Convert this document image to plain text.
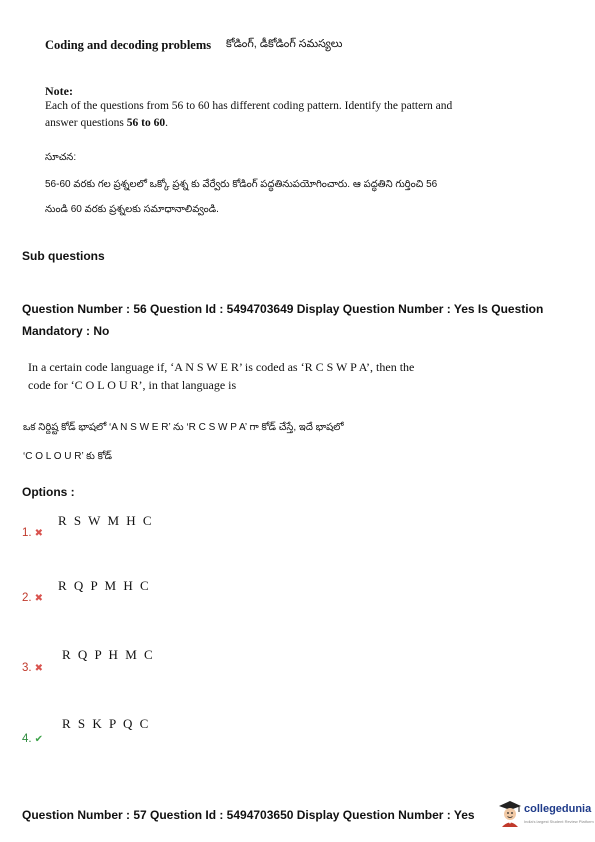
Coding and decoding problems కోడింగ్, డీకోడింగ్ సమస్యలు
Note:
Each of the questions from 56 to 60 has different coding pattern. Identify the pattern and
answer questions 56 to 60.
సూచన:
56-60 వరకు గల ప్రశ్నలలో ఒక్కో ప్రశ్న కు వేర్వేరు కోడింగ్ పద్ధతినుపయోగించారు. ఆ పద్ధతిని గుర్తించి 56
నుండి 60 వరకు ప్రశ్నలకు సమాధానాలివ్వండి.
Sub questions
Question Number : 56 Question Id : 5494703649 Display Question Number : Yes Is Question
Mandatory : No
In a certain code language if, ‘A N S W E R’ is coded as ‘R C S W P A’, then the
code for ‘C O L O U R’, in that language is
ఒక నిర్దిష్ట కోడ్ భాషలో ‘A N S W E R’ ను ‘R C S W P A’ గా కోడ్ చేస్తే, ఇదే భాషలో
‘C O L O U R’ కు కోడ్
Options :
1. ✖
R S W M H C
2. ✖
R Q P M H C
3. ✖
R Q P H M C
4. ✔
R S K P Q C
Question Number : 57 Question Id : 5494703650 Display Question Number : Yes	collegedunia
India's largest Student Review Platform
